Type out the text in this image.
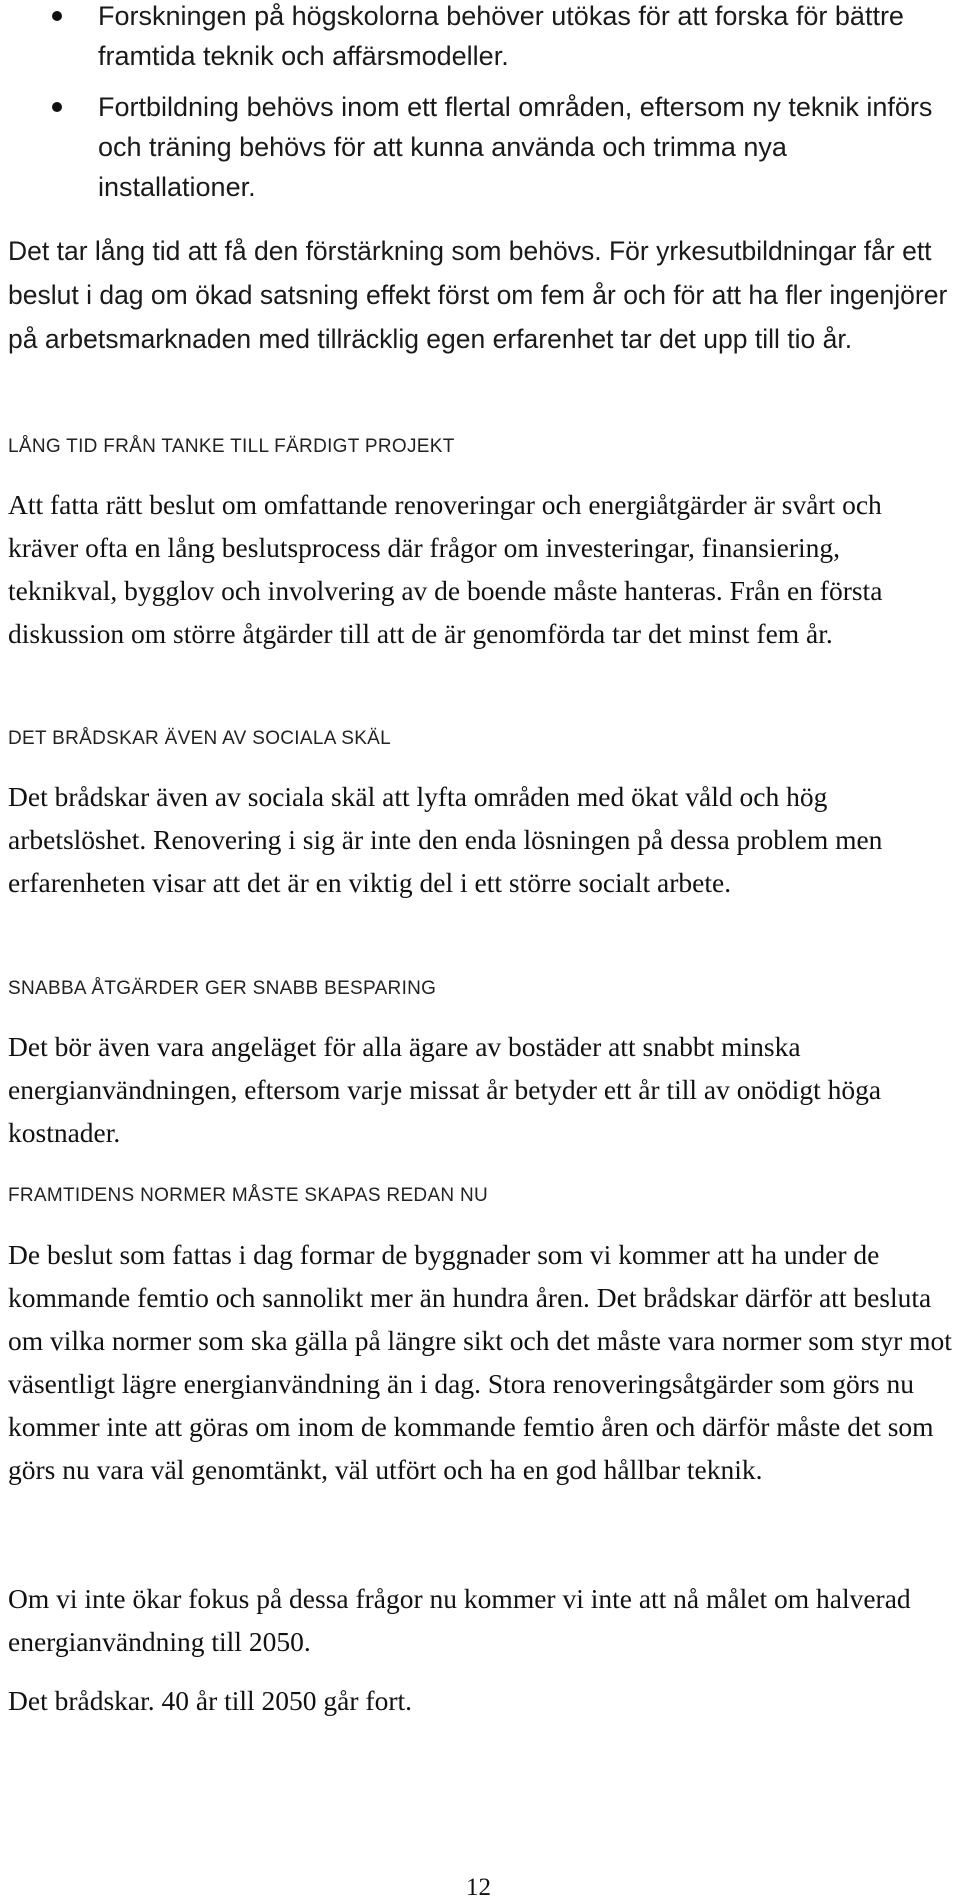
Forskningen på högskolorna behöver utökas för att forska för bättre framtida teknik och affärsmodeller.
Fortbildning behövs inom ett flertal områden, eftersom ny teknik införs och träning behövs för att kunna använda och trimma nya installationer.

Det tar lång tid att få den förstärkning som behövs. För yrkesutbildningar får ett beslut i dag om ökad satsning effekt först om fem år och för att ha fler ingenjörer på arbetsmarknaden med tillräcklig egen erfarenhet tar det upp till tio år.

LÅNG TID FRÅN TANKE TILL FÄRDIGT PROJEKT

Att fatta rätt beslut om omfattande renoveringar och energiåtgärder är svårt och kräver ofta en lång beslutsprocess där frågor om investeringar, finansiering, teknikval, bygglov och involvering av de boende måste hanteras. Från en första diskussion om större åtgärder till att de är genomförda tar det minst fem år.

DET BRÅDSKAR ÄVEN AV SOCIALA SKÄL

Det brådskar även av sociala skäl att lyfta områden med ökat våld och hög arbetslöshet. Renovering i sig är inte den enda lösningen på dessa problem men erfarenheten visar att det är en viktig del i ett större socialt arbete.

SNABBA ÅTGÄRDER GER SNABB BESPARING

Det bör även vara angeläget för alla ägare av bostäder att snabbt minska energianvändningen, eftersom varje missat år betyder ett år till av onödigt höga kostnader.

FRAMTIDENS NORMER MÅSTE SKAPAS REDAN NU

De beslut som fattas i dag formar de byggnader som vi kommer att ha under de kommande femtio och sannolikt mer än hundra åren. Det brådskar därför att besluta om vilka normer som ska gälla på längre sikt och det måste vara normer som styr mot väsentligt lägre energianvändning än i dag. Stora renoveringsåtgärder som görs nu kommer inte att göras om inom de kommande femtio åren och därför måste det som görs nu vara väl genomtänkt, väl utfört och ha en god hållbar teknik.

Om vi inte ökar fokus på dessa frågor nu kommer vi inte att nå målet om halverad energianvändning till 2050.

Det brådskar. 40 år till 2050 går fort.

12
